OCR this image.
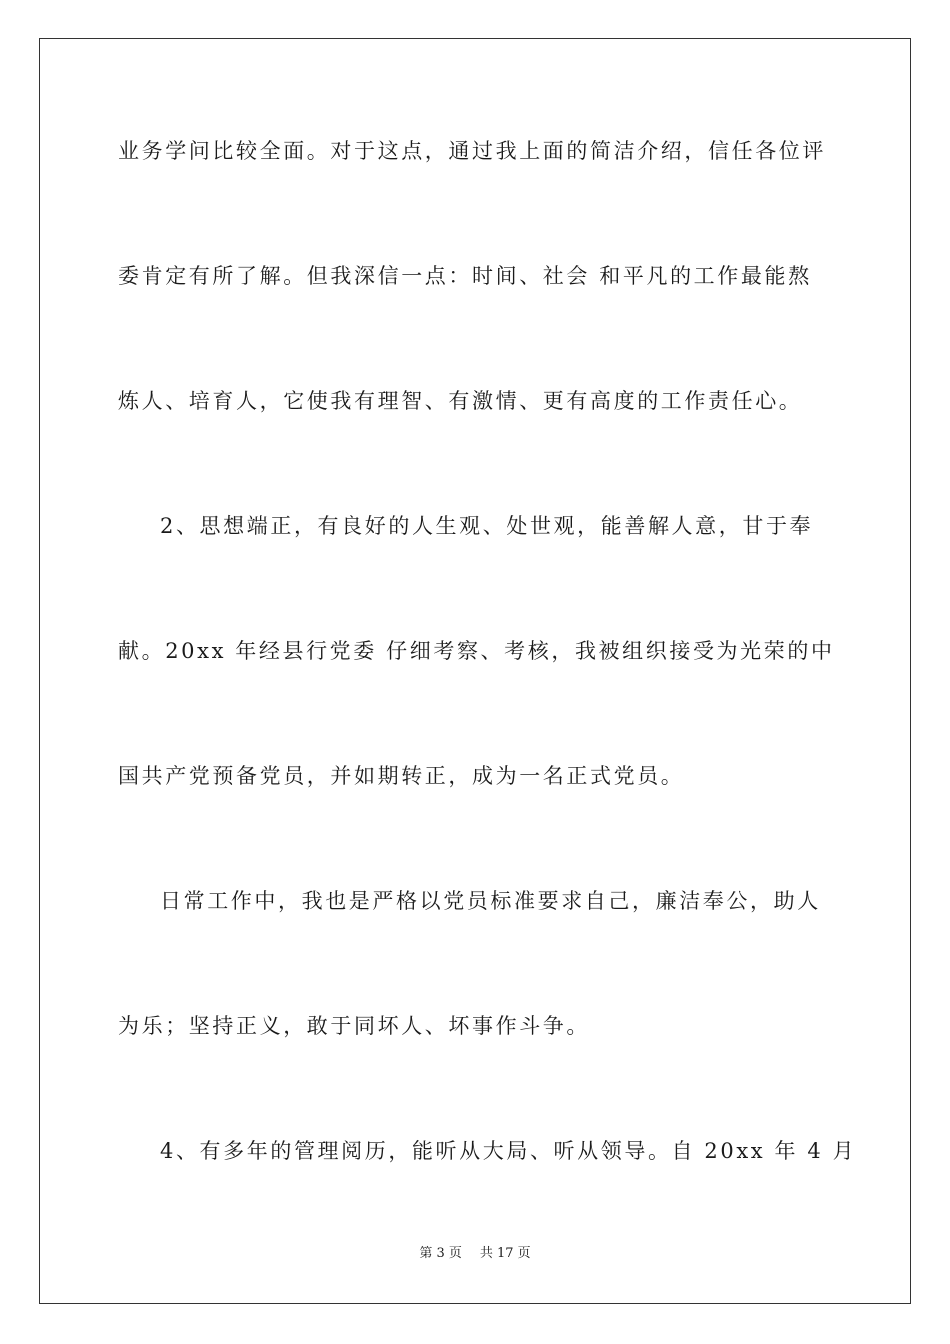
业务学问比较全面。对于这点，通过我上面的简洁介绍，信任各位评
委肯定有所了解。但我深信一点：时间、社会 和平凡的工作最能熬
炼人、培育人，它使我有理智、有激情、更有高度的工作责任心。
2、思想端正，有良好的人生观、处世观，能善解人意，甘于奉
献。20xx 年经县行党委 仔细考察、考核，我被组织接受为光荣的中
国共产党预备党员，并如期转正，成为一名正式党员。
日常工作中，我也是严格以党员标准要求自己，廉洁奉公，助人
为乐；坚持正义，敢于同坏人、坏事作斗争。
4、有多年的管理阅历，能听从大局、听从领导。自 20xx 年 4 月
第 3 页 共 17 页
